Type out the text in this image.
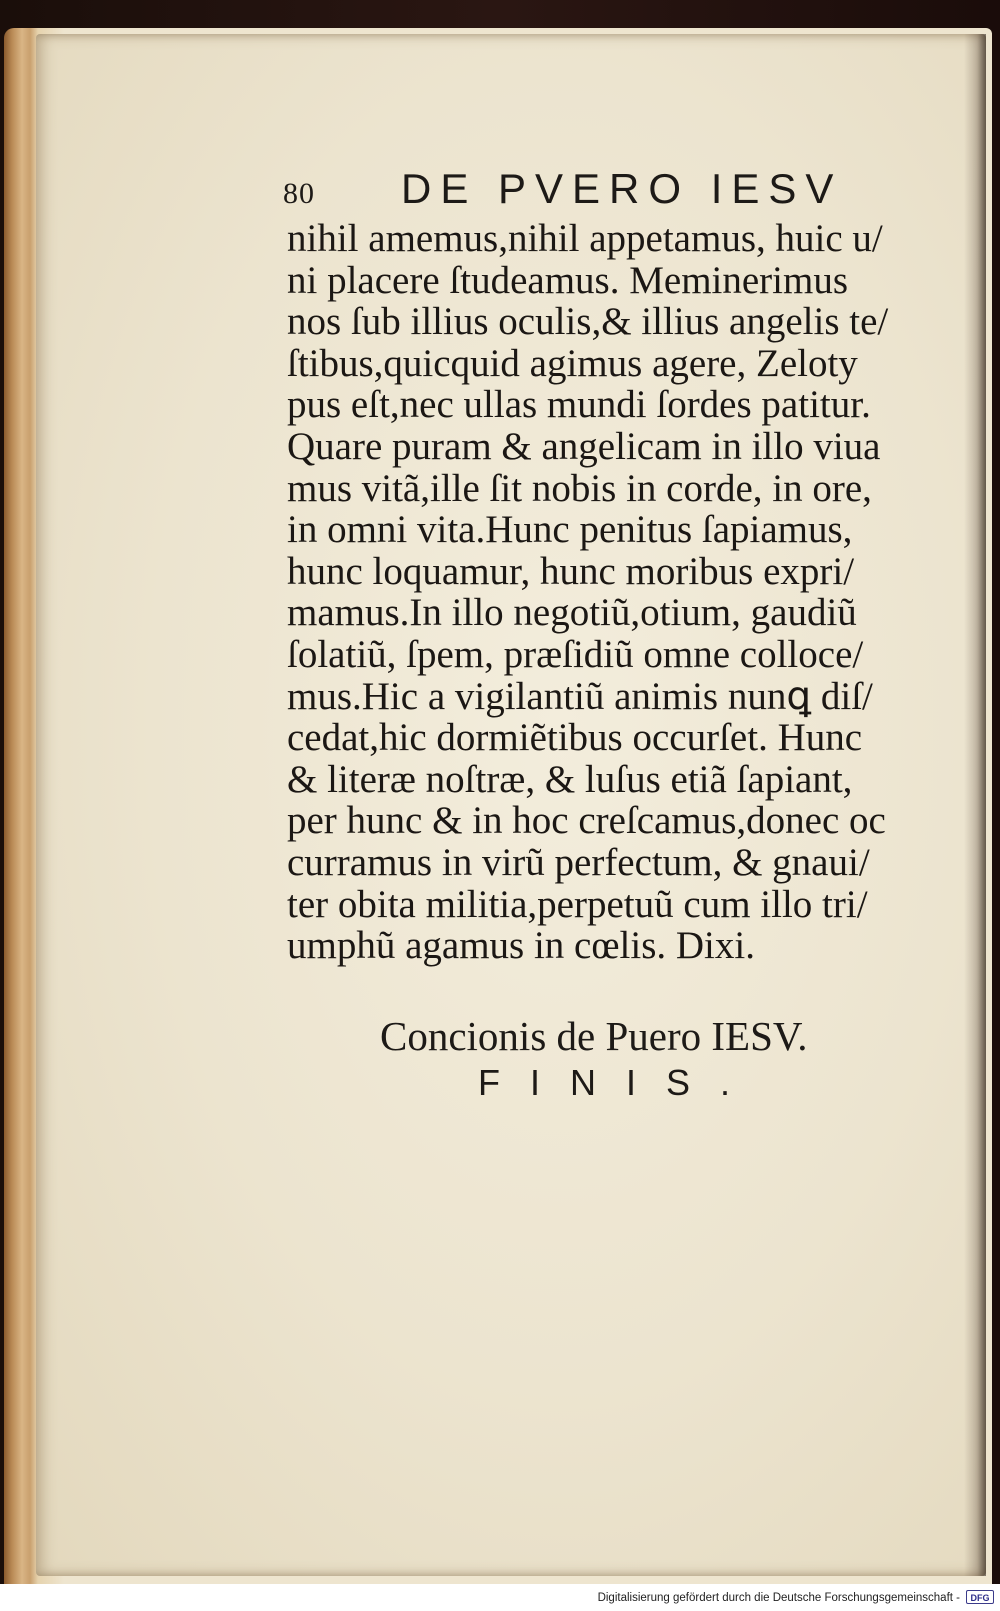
80 DE PVERO IESV
nihil amemus,nihil appetamus, huic u/
ni placere ſtudeamus. Meminerimus
nos ſub illius oculis,& illius angelis te/
ſtibus,quicquid agimus agere, Zeloty
pus eſt,nec ullas mundi ſordes patitur.
Quare puram & angelicam in illo viua
mus vitã,ille ſit nobis in corde, in ore,
in omni vita.Hunc penitus ſapiamus,
hunc loquamur, hunc moribus expri/
mamus.In illo negotiũ,otium, gaudiũ
ſolatiũ, ſpem, præſidiũ omne colloce/
mus.Hic a vigilantiũ animis nunꝗ diſ/
cedat,hic dormiẽtibus occurſet. Hunc
& literæ noſtræ, & luſus etiã ſapiant,
per hunc & in hoc creſcamus,donec oc
curramus in virũ perfectum, & gnaui/
ter obita militia,perpetuũ cum illo tri/
umphũ agamus in cœlis. Dixi.
Concionis de Puero IESV.
FINIS.
Digitalisierung gefördert durch die Deutsche Forschungsgemeinschaft -	DFG
